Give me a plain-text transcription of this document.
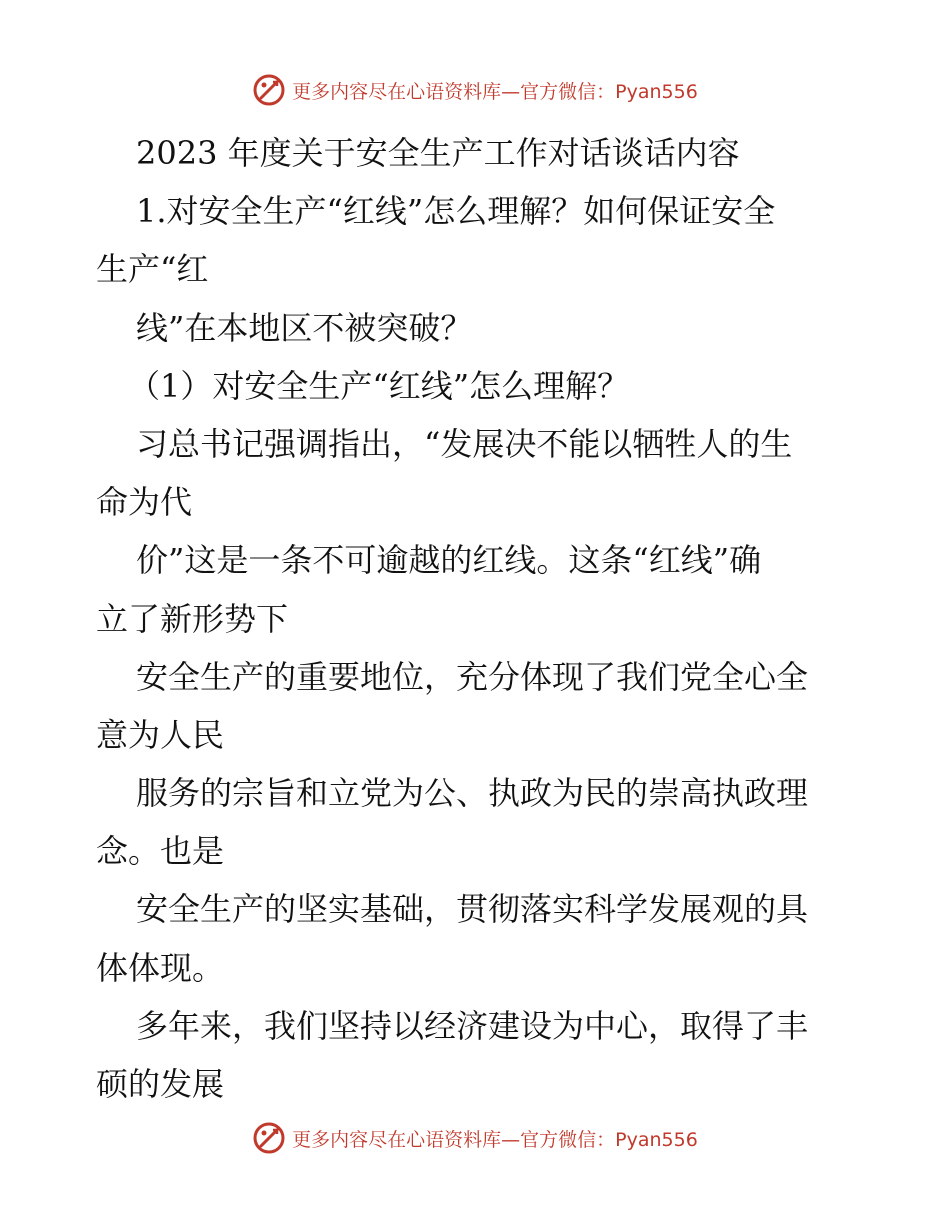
更多内容尽在心语资料库—官方微信：Pyan556
2023 年度关于安全生产工作对话谈话内容
1.对安全生产“红线”怎么理解？如何保证安全
生产“红
线”在本地区不被突破？
（1）对安全生产“红线”怎么理解？
习总书记强调指出，“发展决不能以牺牲人的生
命为代
价”这是一条不可逾越的红线。这条“红线”确
立了新形势下
安全生产的重要地位，充分体现了我们党全心全
意为人民
服务的宗旨和立党为公、执政为民的崇高执政理
念。也是
安全生产的坚实基础，贯彻落实科学发展观的具
体体现。
多年来，我们坚持以经济建设为中心，取得了丰
硕的发展
更多内容尽在心语资料库—官方微信：Pyan556
